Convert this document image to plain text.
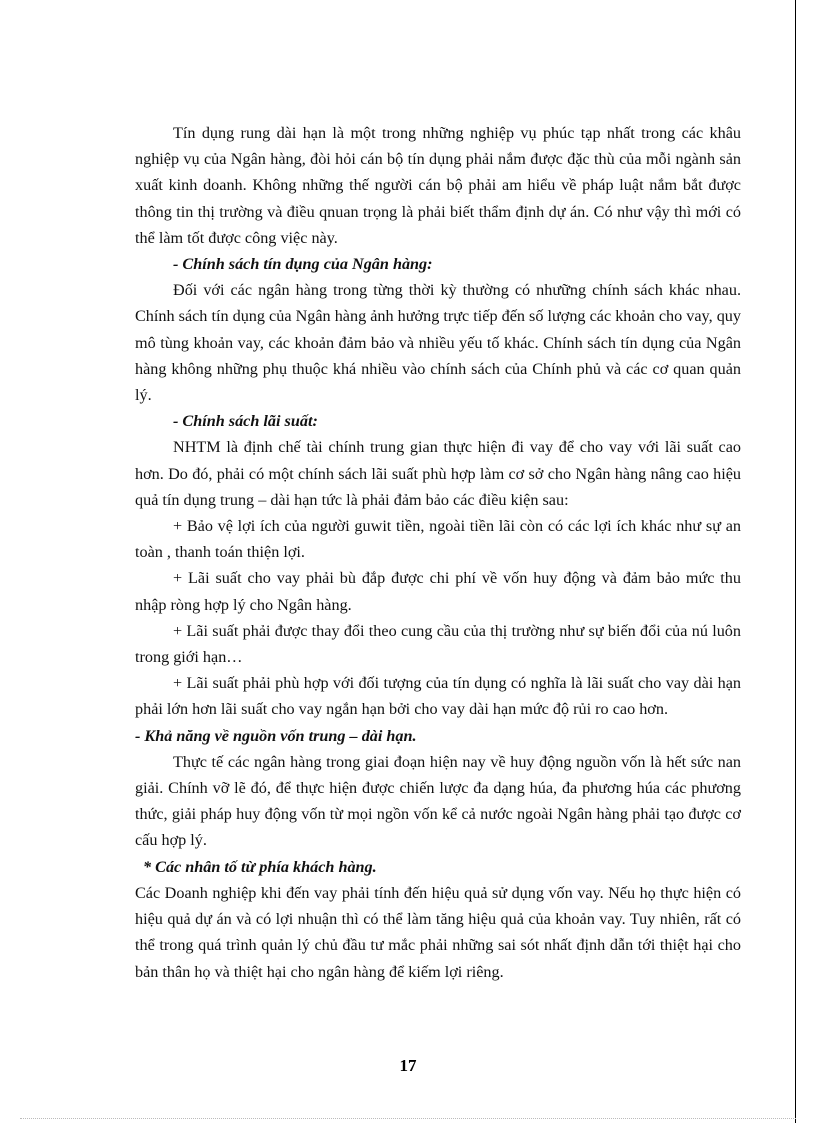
Tín dụng rung dài hạn là một trong những nghiệp vụ phúc tạp nhất trong các khâu nghiệp vụ của Ngân hàng, đòi hỏi cán bộ tín dụng phải nắm được đặc thù của mỗi ngành sản xuất kinh doanh. Không những thế người cán bộ phải am hiểu về pháp luật nắm bắt được thông tin thị trường và điều qnuan trọng là phải biết thẩm định dự án. Có như vậy thì mới có thể làm tốt được công việc này.

- Chính sách tín dụng của Ngân hàng:

Đối với các ngân hàng trong từng thời kỳ thường có nhưững chính sách khác nhau. Chính sách tín dụng của Ngân hàng ảnh hưởng trực tiếp đến số lượng các khoản cho vay, quy mô tùng khoản vay, các khoản đảm bảo và nhiều yếu tố khác. Chính sách tín dụng của Ngân hàng không những phụ thuộc khá nhiều vào chính sách của Chính phủ và các cơ quan quản lý.

- Chính sách lãi suất:

NHTM là định chế tài chính trung gian thực hiện đi vay để cho vay với lãi suất cao hơn. Do đó, phải có một chính sách lãi suất phù hợp làm cơ sở cho Ngân hàng nâng cao hiệu quả tín dụng trung – dài hạn tức là phải đảm bảo các điều kiện sau:

+ Bảo vệ lợi ích của người guwit tiền, ngoài tiền lãi còn có các lợi ích khác như sự an toàn , thanh toán thiện lợi.

+ Lãi suất cho vay phải bù đắp được chi phí về vốn huy động và đảm bảo mức thu nhập ròng hợp lý cho Ngân hàng.

+ Lãi suất phải được thay đổi theo cung cầu của thị trường như sự biến đổi của nú luôn trong giới hạn…

+ Lãi suất phải phù hợp với đối tượng của tín dụng có nghĩa là lãi suất cho vay dài hạn phải lớn hơn lãi suất cho vay ngắn hạn bởi cho vay dài hạn mức độ rủi ro cao hơn.

- Khả năng về nguồn vốn trung – dài hạn.

Thực tế các ngân hàng trong giai đoạn hiện nay về huy động nguồn vốn là hết sức nan giải. Chính vỡ lẽ đó, để thực hiện được chiến lược đa dạng húa, đa phương húa các phương thức, giải pháp huy động vốn từ mọi ngồn vốn kể cả nước ngoài Ngân hàng phải tạo được cơ cấu hợp lý.

* Các nhân tố từ phía khách hàng.

Các Doanh nghiệp khi đến vay phải tính đến hiệu quả sử dụng vốn vay. Nếu họ thực hiện có hiệu quả dự án và có lợi nhuận thì có thể làm tăng hiệu quả của khoản vay. Tuy nhiên, rất có thể trong quá trình quản lý chủ đầu tư mắc phải những sai sót nhất định dẫn tới thiệt hại cho bản thân họ và thiệt hại cho ngân hàng để kiếm lợi riêng.

17
